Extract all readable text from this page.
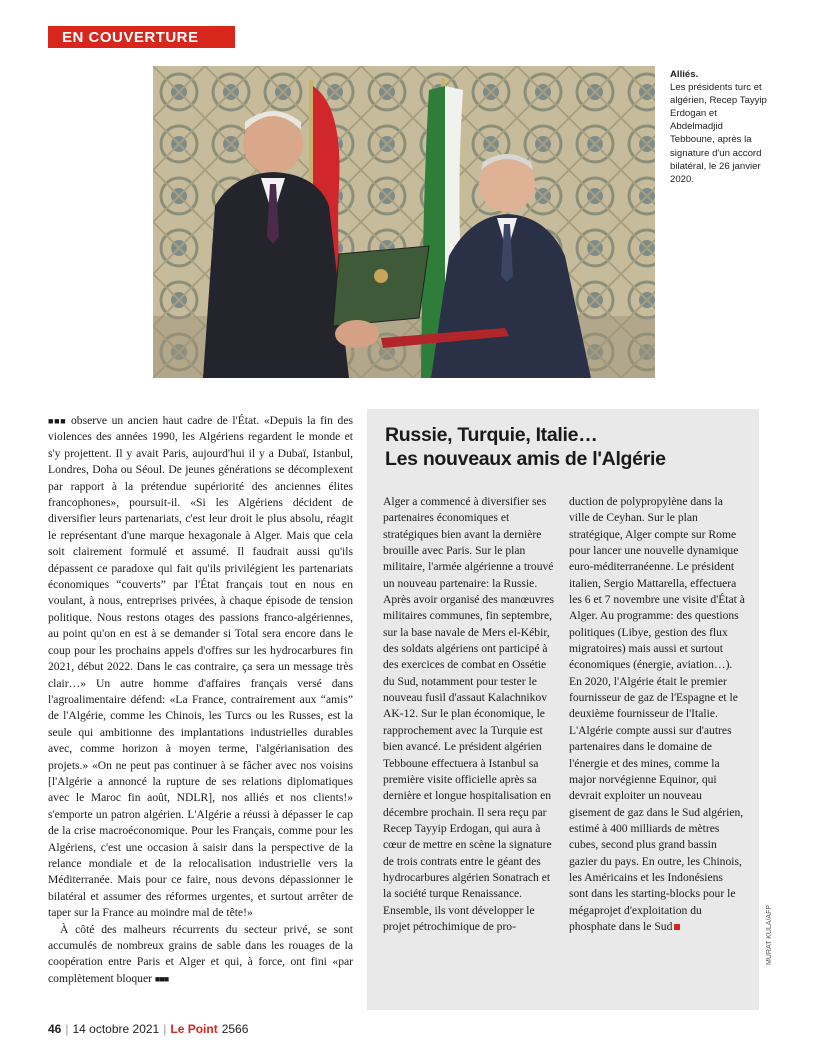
EN COUVERTURE
Alliés.
Les présidents turc et algérien, Recep Tayyip Erdogan et Abdelmadjid Tebboune, après la signature d'un accord bilatéral, le 26 janvier 2020.

■■■ observe un ancien haut cadre de l'État. «Depuis la fin des violences des années 1990, les Algériens regardent le monde et s'y projettent. Il y avait Paris, aujourd'hui il y a Dubaï, Istanbul, Londres, Doha ou Séoul. De jeunes générations se décomplexent par rapport à la prétendue supériorité des anciennes élites francophones», poursuit-il. «Si les Algériens décident de diversifier leurs partenariats, c'est leur droit le plus absolu, réagit le représentant d'une marque hexagonale à Alger. Mais que cela soit clairement formulé et assumé. Il faudrait aussi qu'ils dépassent ce paradoxe qui fait qu'ils privilégient les partenariats économiques “couverts” par l'État français tout en nous en voulant, à nous, entreprises privées, à chaque épisode de tension politique. Nous restons otages des passions franco-algériennes, au point qu'on en est à se demander si Total sera encore dans le coup pour les prochains appels d'offres sur les hydrocarbures fin 2021, début 2022. Dans le cas contraire, ça sera un message très clair…» Un autre homme d'affaires français versé dans l'agroalimentaire défend: «La France, contrairement aux “amis” de l'Algérie, comme les Chinois, les Turcs ou les Russes, est la seule qui ambitionne des implantations industrielles durables avec, comme horizon à moyen terme, l'algérianisation des projets.» «On ne peut pas continuer à se fâcher avec nos voisins [l'Algérie a annoncé la rupture de ses relations diplomatiques avec le Maroc fin août, NDLR], nos alliés et nos clients!» s'emporte un patron algérien. L'Algérie a réussi à dépasser le cap de la crise macroéconomique. Pour les Français, comme pour les Algériens, c'est une occasion à saisir dans la perspective de la relance mondiale et de la relocalisation industrielle vers la Méditerranée. Mais pour ce faire, nous devons dépassionner le bilatéral et assumer des réformes urgentes, et surtout arrêter de taper sur la France au moindre mal de tête!»

À côté des malheurs récurrents du secteur privé, se sont accumulés de nombreux grains de sable dans les rouages de la coopération entre Paris et Alger et qui, à force, ont fini «par complètement bloquer ■■■

Russie, Turquie, Italie…
Les nouveaux amis de l'Algérie

Alger a commencé à diversifier ses partenaires économiques et stratégiques bien avant la dernière brouille avec Paris. Sur le plan militaire, l'armée algérienne a trouvé un nouveau partenaire: la Russie. Après avoir organisé des manœuvres militaires communes, fin septembre, sur la base navale de Mers el-Kébir, des soldats algériens ont participé à des exercices de combat en Ossétie du Sud, notamment pour tester le nouveau fusil d'assaut Kalachnikov AK-12. Sur le plan économique, le rapprochement avec la Turquie est bien avancé. Le président algérien Tebboune effectuera à Istanbul sa première visite officielle après sa dernière et longue hospitalisation en décembre prochain. Il sera reçu par Recep Tayyip Erdogan, qui aura à cœur de mettre en scène la signature de trois contrats entre le géant des hydrocarbures algérien Sonatrach et la société turque Renaissance. Ensemble, ils vont développer le projet pétrochimique de pro-

duction de polypropylène dans la ville de Ceyhan. Sur le plan stratégique, Alger compte sur Rome pour lancer une nouvelle dynamique euro-méditerranéenne. Le président italien, Sergio Mattarella, effectuera les 6 et 7 novembre une visite d'État à Alger. Au programme: des questions politiques (Libye, gestion des flux migratoires) mais aussi et surtout économiques (énergie, aviation…). En 2020, l'Algérie était le premier fournisseur de gaz de l'Espagne et le deuxième fournisseur de l'Italie.

L'Algérie compte aussi sur d'autres partenaires dans le domaine de l'énergie et des mines, comme la major norvégienne Equinor, qui devrait exploiter un nouveau gisement de gaz dans le Sud algérien, estimé à 400 milliards de mètres cubes, second plus grand bassin gazier du pays. En outre, les Chinois, les Américains et les Indonésiens sont dans les starting-blocks pour le mégaprojet d'exploitation du phosphate dans le Sud	MURAT KULA/AFP
46 | 14 octobre 2021 | Le Point 2566
